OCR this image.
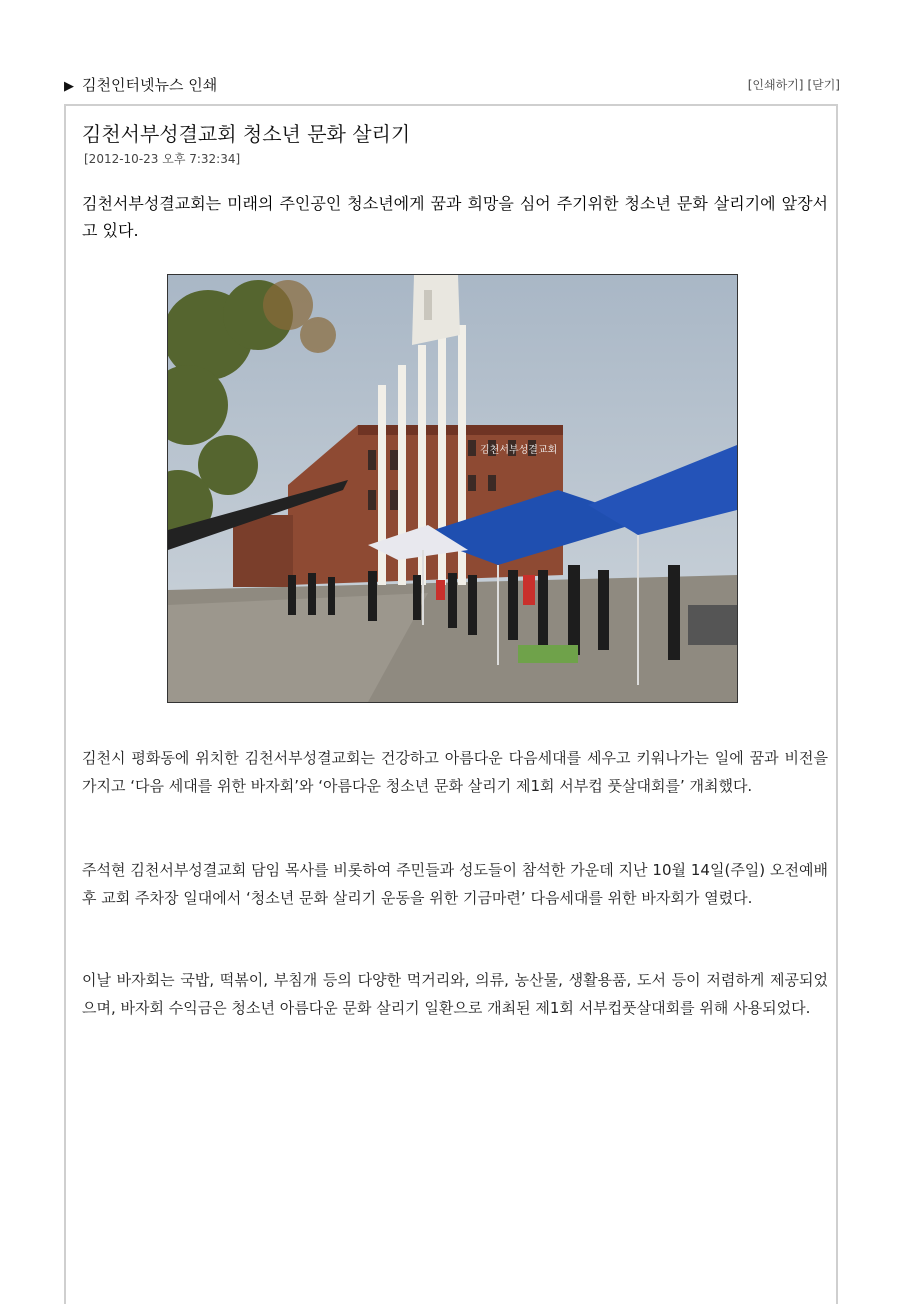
▶ 김천인터넷뉴스 인쇄	[인쇄하기] [닫기]
김천서부성결교회 청소년 문화 살리기
[2012-10-23 오후 7:32:34]
김천서부성결교회는 미래의 주인공인 청소년에게 꿈과 희망을 심어 주기위한 청소년 문화 살리기에 앞장서고 있다.
김천서부성결교회

김천시 평화동에 위치한 김천서부성결교회는 건강하고 아름다운 다음세대를 세우고 키워나가는 일에 꿈과 비전을 가지고 ‘다음 세대를 위한 바자회’와 ‘아름다운 청소년 문화 살리기 제1회 서부컵 풋살대회를’ 개최했다.

주석현 김천서부성결교회 담임 목사를 비롯하여 주민들과 성도들이 참석한 가운데 지난 10월 14일(주일) 오전예배 후 교회 주차장 일대에서 ‘청소년 문화 살리기 운동을 위한 기금마련’ 다음세대를 위한 바자회가 열렸다.

이날 바자회는 국밥, 떡볶이, 부침개 등의 다양한 먹거리와, 의류, 농산물, 생활용품, 도서 등이 저렴하게 제공되었으며, 바자회 수익금은 청소년 아름다운 문화 살리기 일환으로 개최된 제1회 서부컵풋살대회를 위해 사용되었다.
